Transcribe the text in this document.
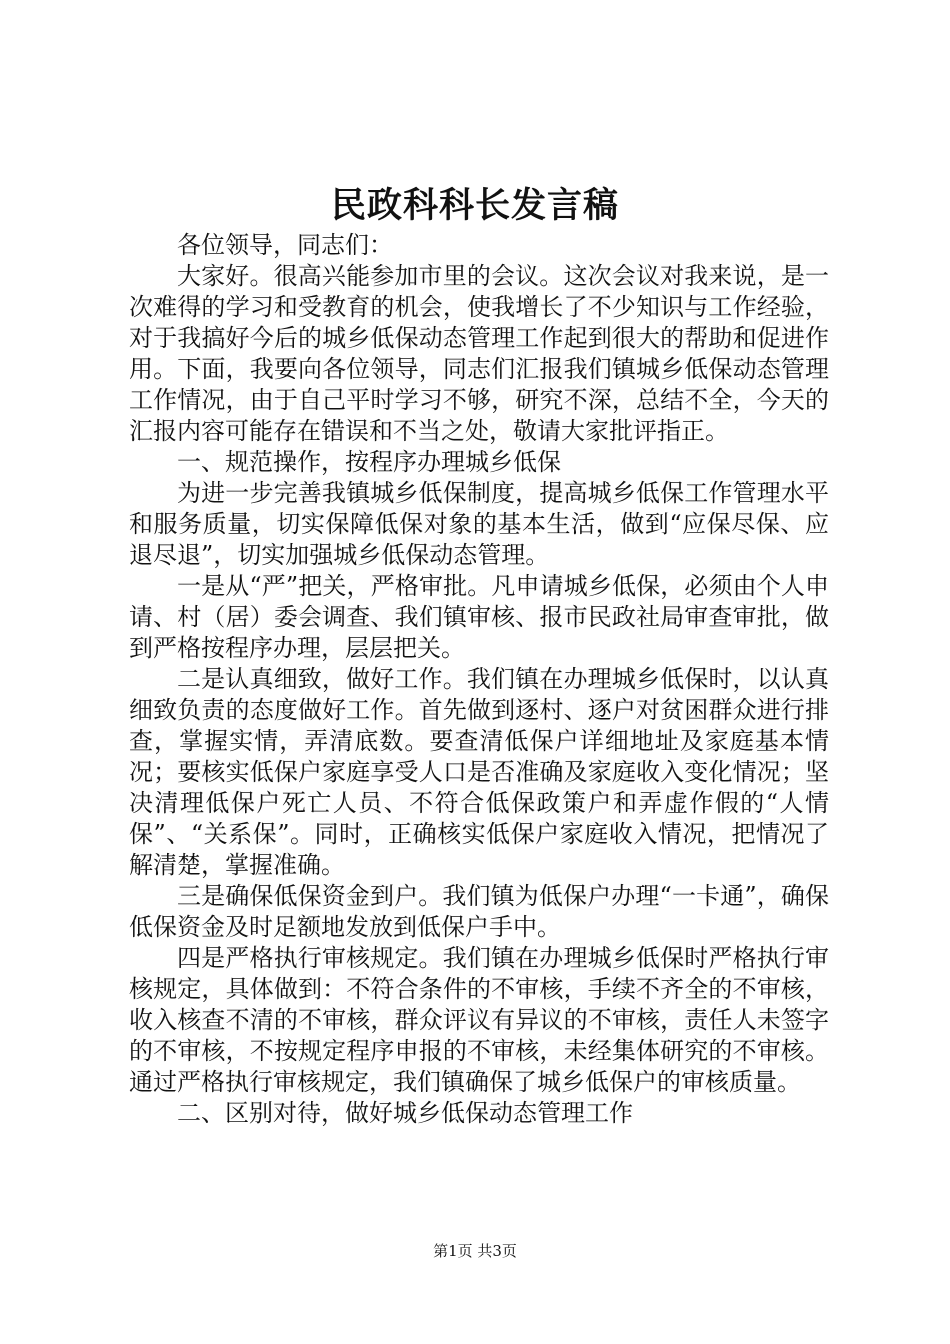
民政科科长发言稿

各位领导，同志们：

大家好。很高兴能参加市里的会议。这次会议对我来说，是一次难得的学习和受教育的机会，使我增长了不少知识与工作经验，对于我搞好今后的城乡低保动态管理工作起到很大的帮助和促进作用。下面，我要向各位领导，同志们汇报我们镇城乡低保动态管理工作情况，由于自己平时学习不够，研究不深，总结不全，今天的汇报内容可能存在错误和不当之处，敬请大家批评指正。

一、规范操作，按程序办理城乡低保

为进一步完善我镇城乡低保制度，提高城乡低保工作管理水平和服务质量，切实保障低保对象的基本生活，做到“应保尽保、应退尽退”，切实加强城乡低保动态管理。

一是从“严”把关，严格审批。凡申请城乡低保，必须由个人申请、村（居）委会调查、我们镇审核、报市民政社局审查审批，做到严格按程序办理，层层把关。

二是认真细致，做好工作。我们镇在办理城乡低保时，以认真细致负责的态度做好工作。首先做到逐村、逐户对贫困群众进行排查，掌握实情，弄清底数。要查清低保户详细地址及家庭基本情况；要核实低保户家庭享受人口是否准确及家庭收入变化情况；坚决清理低保户死亡人员、不符合低保政策户和弄虚作假的“人情保”、“关系保”。同时，正确核实低保户家庭收入情况，把情况了解清楚，掌握准确。

三是确保低保资金到户。我们镇为低保户办理“一卡通”，确保低保资金及时足额地发放到低保户手中。

四是严格执行审核规定。我们镇在办理城乡低保时严格执行审核规定，具体做到：不符合条件的不审核，手续不齐全的不审核，收入核查不清的不审核，群众评议有异议的不审核，责任人未签字的不审核，不按规定程序申报的不审核，未经集体研究的不审核。通过严格执行审核规定，我们镇确保了城乡低保户的审核质量。

二、区别对待，做好城乡低保动态管理工作

第1页 共3页
